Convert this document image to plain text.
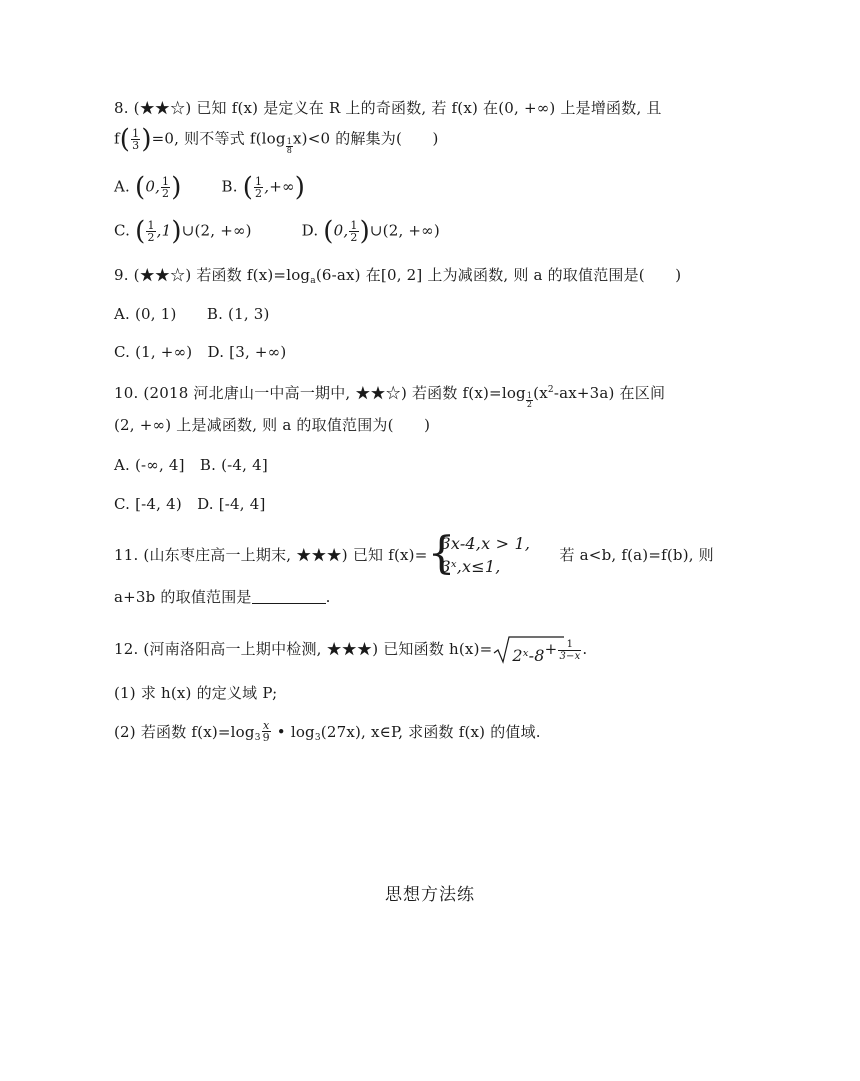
8. (★★☆) 已知 f(x) 是定义在 R 上的奇函数, 若 f(x) 在(0, +∞) 上是增函数, 且
$f( \frac{1}{3} )=0$, 则不等式 $f(\log \frac{1}{8} x)<0$ 的解集为(　　)
A. (0, $\frac{1}{2}$ )	B. ( $\frac{1}{2}$ ,+∞)
C. ( $\frac{1}{2}$ ,1)∪(2, +∞)	D. (0, $\frac{1}{2}$ )∪(2, +∞)
9. (★★☆) 若函数 $f(x)=\log_a(6-ax)$ 在[0, 2] 上为减函数, 则 a 的取值范围是(　　)
A. (0, 1)　　B. (1, 3)
C. (1, +∞)　D. [3, +∞)
10. (2018 河北唐山一中高一期中, ★★☆) 若函数 $f(x)=\log \frac{1}{2} (x^2-ax+3a)$ 在区间
(2, +∞) 上是减函数, 则 a 的取值范围为(　　)
A. (-∞, 4]　B. (-4, 4]
C. [-4, 4)　D. [-4, 4]
11. (山东枣庄高一上期末, ★★★) 已知 f(x)= {
3x-4,x > 1,
3ˣ,x≤1,
若 a<b, f(a)=f(b), 则
a+3b 的取值范围是	.
12. (河南洛阳高一上期中检测, ★★★) 已知函数 h(x)= 2ˣ-8+ $\frac{1}{3-x}$ .
(1) 求 h(x) 的定义域 P;
(2) 若函数 $f(x)=\log_3 \frac{x}{9}$ • $\log_3(27x)$, x∈P, 求函数 f(x) 的值域.
思想方法练
